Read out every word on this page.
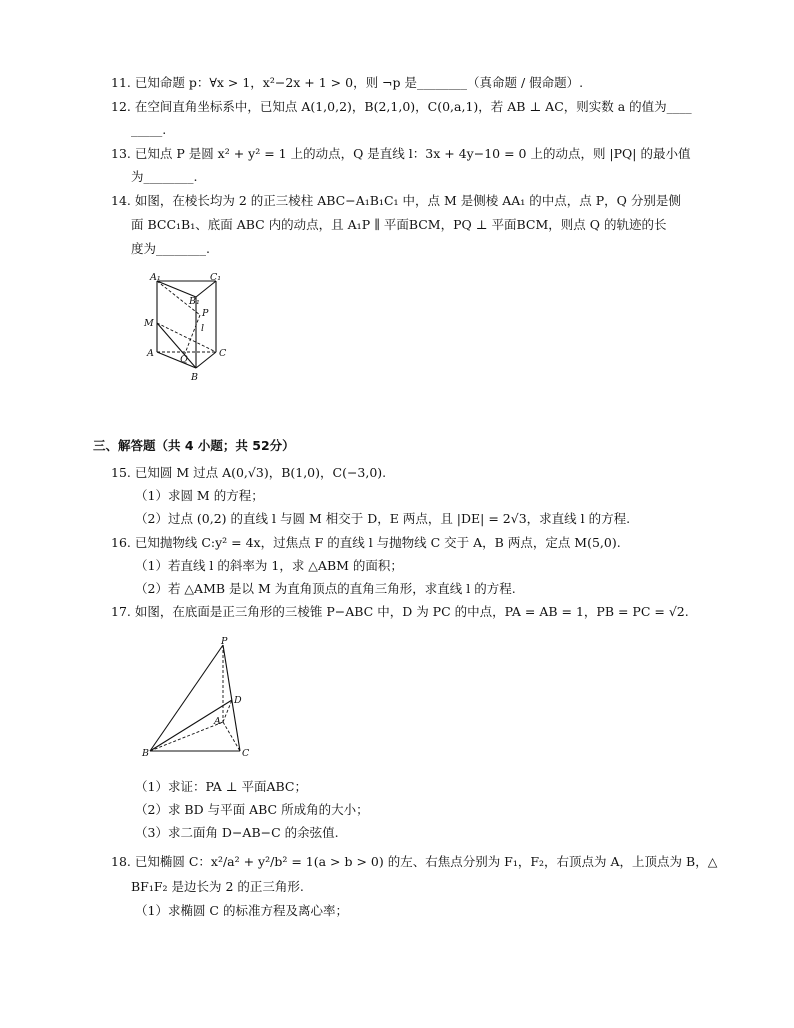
11. 已知命题 p：∀x > 1，x²−2x + 1 > 0，则 ¬p 是________（真命题 / 假命题）.
12. 在空间直角坐标系中，已知点 A(1,0,2)，B(2,1,0)，C(0,a,1)，若 AB ⊥ AC，则实数 a 的值为____
_____.
13. 已知点 P 是圆 x² + y² = 1 上的动点，Q 是直线 l：3x + 4y−10 = 0 上的动点，则 |PQ| 的最小值
为________.
14. 如图，在棱长均为 2 的正三棱柱 ABC−A₁B₁C₁ 中，点 M 是侧棱 AA₁ 的中点，点 P，Q 分别是侧
面 BCC₁B₁、底面 ABC 内的动点，且 A₁P ∥ 平面BCM，PQ ⊥ 平面BCM，则点 Q 的轨迹的长
度为________.
A₁	C₁
B₁
P
M	l
Q
A	C
B
三、解答题（共 4 小题；共 52分）
15. 已知圆 M 过点 A(0,√3)，B(1,0)，C(−3,0).
（1）求圆 M 的方程；
（2）过点 (0,2) 的直线 l 与圆 M 相交于 D，E 两点，且 |DE| = 2√3，求直线 l 的方程.
16. 已知抛物线 C:y² = 4x，过焦点 F 的直线 l 与抛物线 C 交于 A，B 两点，定点 M(5,0).
（1）若直线 l 的斜率为 1，求 △ABM 的面积；
（2）若 △AMB 是以 M 为直角顶点的直角三角形，求直线 l 的方程.
17. 如图，在底面是正三角形的三棱锥 P−ABC 中，D 为 PC 的中点，PA = AB = 1，PB = PC = √2.
P
D
A
B	C
（1）求证：PA ⊥ 平面ABC；
（2）求 BD 与平面 ABC 所成角的大小；
（3）求二面角 D−AB−C 的余弦值.
18. 已知椭圆 C：x²/a² + y²/b² = 1(a > b > 0) 的左、右焦点分别为 F₁，F₂，右顶点为 A，上顶点为 B，△
BF₁F₂ 是边长为 2 的正三角形.
（1）求椭圆 C 的标准方程及离心率；
